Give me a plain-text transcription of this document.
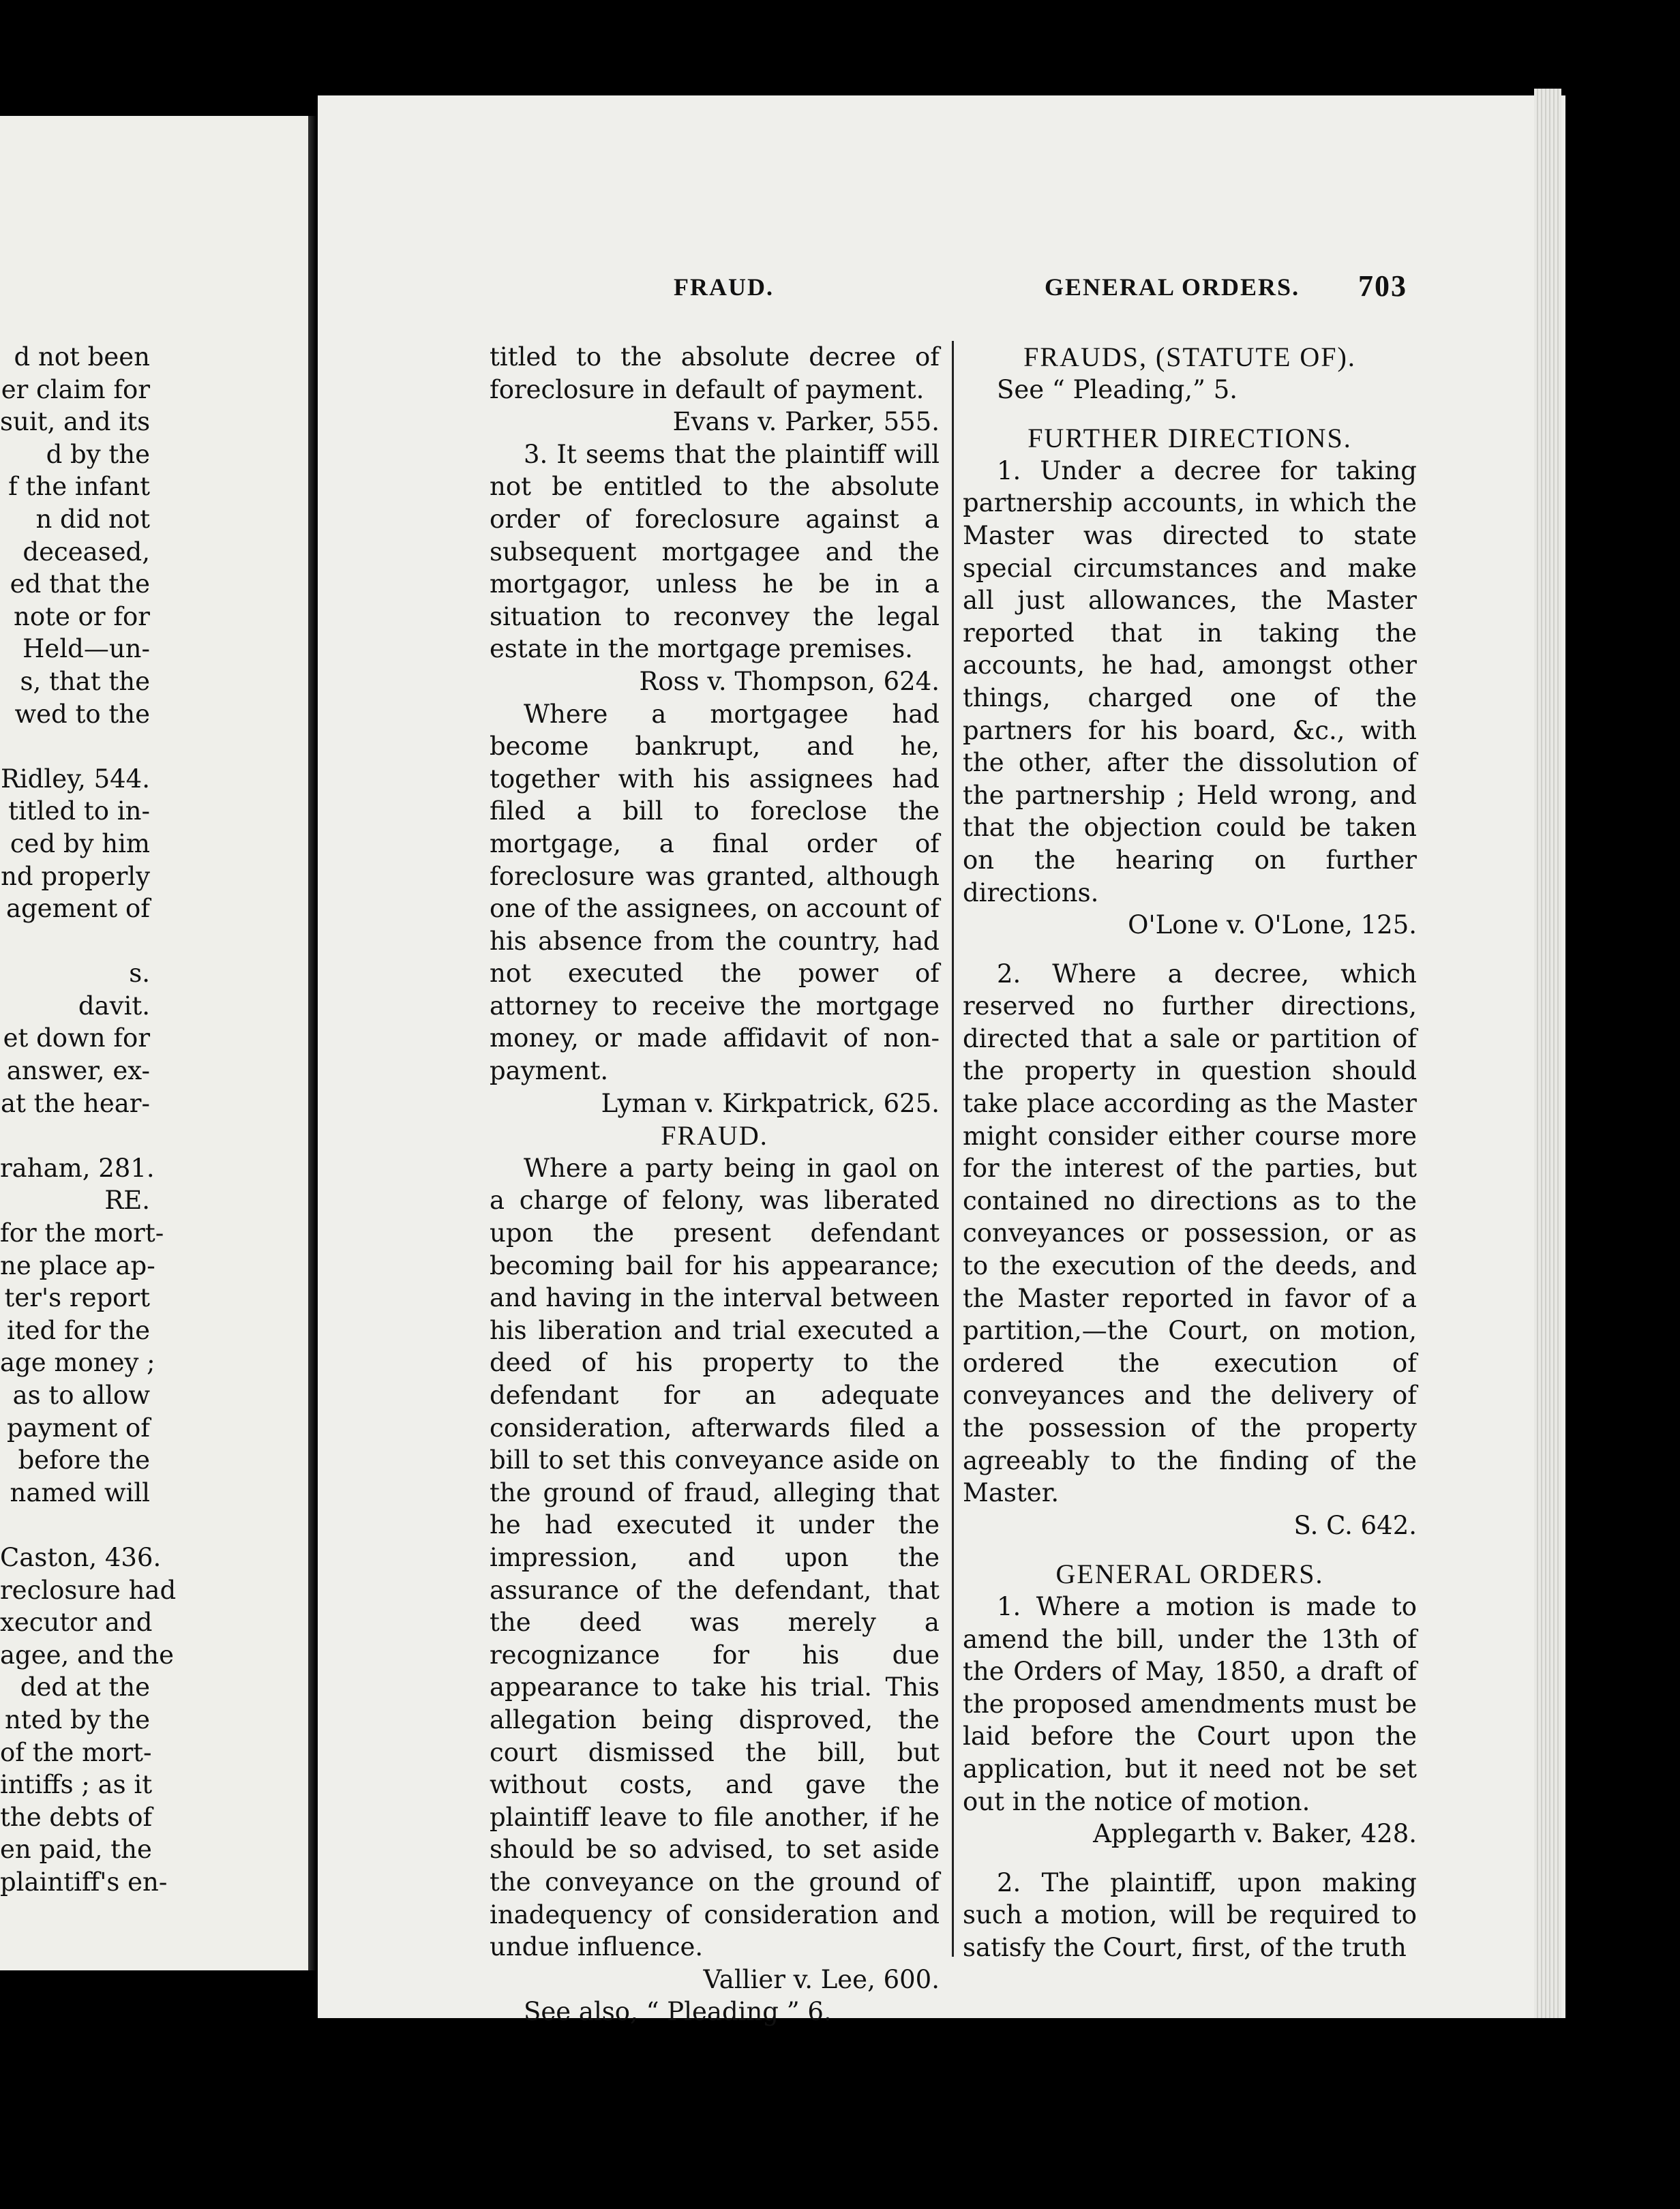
d not been
er claim for
suit, and its
d by the
f the infant
n did not
deceased,
ed that the
note or for
Held—un-
s, that the
wed to the

Ridley, 544.
titled to in-
ced by him
nd properly
agement of

s.
davit.
et down for
answer, ex-
at the hear-

raham, 281.
RE.
for the mort-
ne place ap-
ter's report
ited for the
age money ;
as to allow
payment of
before the
named will

Caston, 436.
reclosure had
xecutor and
agee, and the
ded at the
nted by the
of the mort-
intiffs ; as it
the debts of
en paid, the
plaintiff's en-
FRAUD.	GENERAL ORDERS. 703

titled to the absolute decree of foreclosure in default of payment.

Evans v. Parker, 555.

3. It seems that the plaintiff will not be entitled to the absolute order of foreclosure against a subsequent mortgagee and the mortgagor, unless he be in a situation to reconvey the legal estate in the mortgage premises.

Ross v. Thompson, 624.

Where a mortgagee had become bankrupt, and he, together with his assignees had filed a bill to foreclose the mortgage, a final order of foreclosure was granted, although one of the assignees, on account of his absence from the country, had not executed the power of attorney to receive the mortgage money, or made affidavit of non-payment.

Lyman v. Kirkpatrick, 625.

FRAUD.

Where a party being in gaol on a charge of felony, was liberated upon the present defendant becoming bail for his appearance; and having in the interval between his liberation and trial executed a deed of his property to the defendant for an adequate consideration, afterwards filed a bill to set this conveyance aside on the ground of fraud, alleging that he had executed it under the impression, and upon the assurance of the defendant, that the deed was merely a recognizance for his due appearance to take his trial. This allegation being disproved, the court dismissed the bill, but without costs, and gave the plaintiff leave to file another, if he should be so advised, to set aside the conveyance on the ground of inadequency of consideration and undue influence.

Vallier v. Lee, 600.

See also, “ Pleading ” 6.

FRAUDS, (STATUTE OF).

See “ Pleading,” 5.

FURTHER DIRECTIONS.

1. Under a decree for taking partnership accounts, in which the Master was directed to state special circumstances and make all just allowances, the Master reported that in taking the accounts, he had, amongst other things, charged one of the partners for his board, &c., with the other, after the dissolution of the partnership ; Held wrong, and that the objection could be taken on the hearing on further directions.

O'Lone v. O'Lone, 125.

2. Where a decree, which reserved no further directions, directed that a sale or partition of the property in question should take place according as the Master might consider either course more for the interest of the parties, but contained no directions as to the conveyances or possession, or as to the execution of the deeds, and the Master reported in favor of a partition,—the Court, on motion, ordered the execution of conveyances and the delivery of the possession of the property agreeably to the finding of the Master.

S. C. 642.

GENERAL ORDERS.

1. Where a motion is made to amend the bill, under the 13th of the Orders of May, 1850, a draft of the proposed amendments must be laid before the Court upon the application, but it need not be set out in the notice of motion.

Applegarth v. Baker, 428.

2. The plaintiff, upon making such a motion, will be required to satisfy the Court, first, of the truth
